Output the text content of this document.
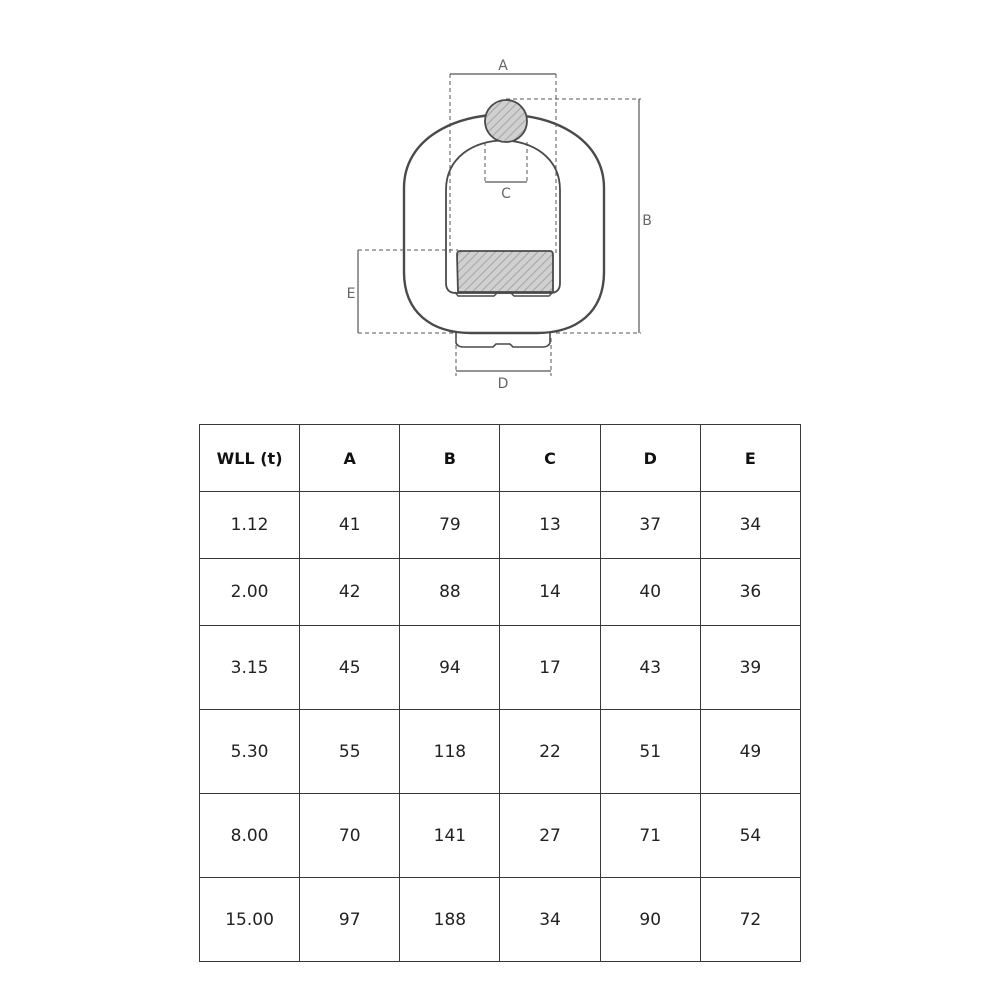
A
B
C
D
E
WLL (t)	A	B	C	D	E
1.12	41	79	13	37	34
2.00	42	88	14	40	36
3.15	45	94	17	43	39
5.30	55	118	22	51	49
8.00	70	141	27	71	54
15.00	97	188	34	90	72
